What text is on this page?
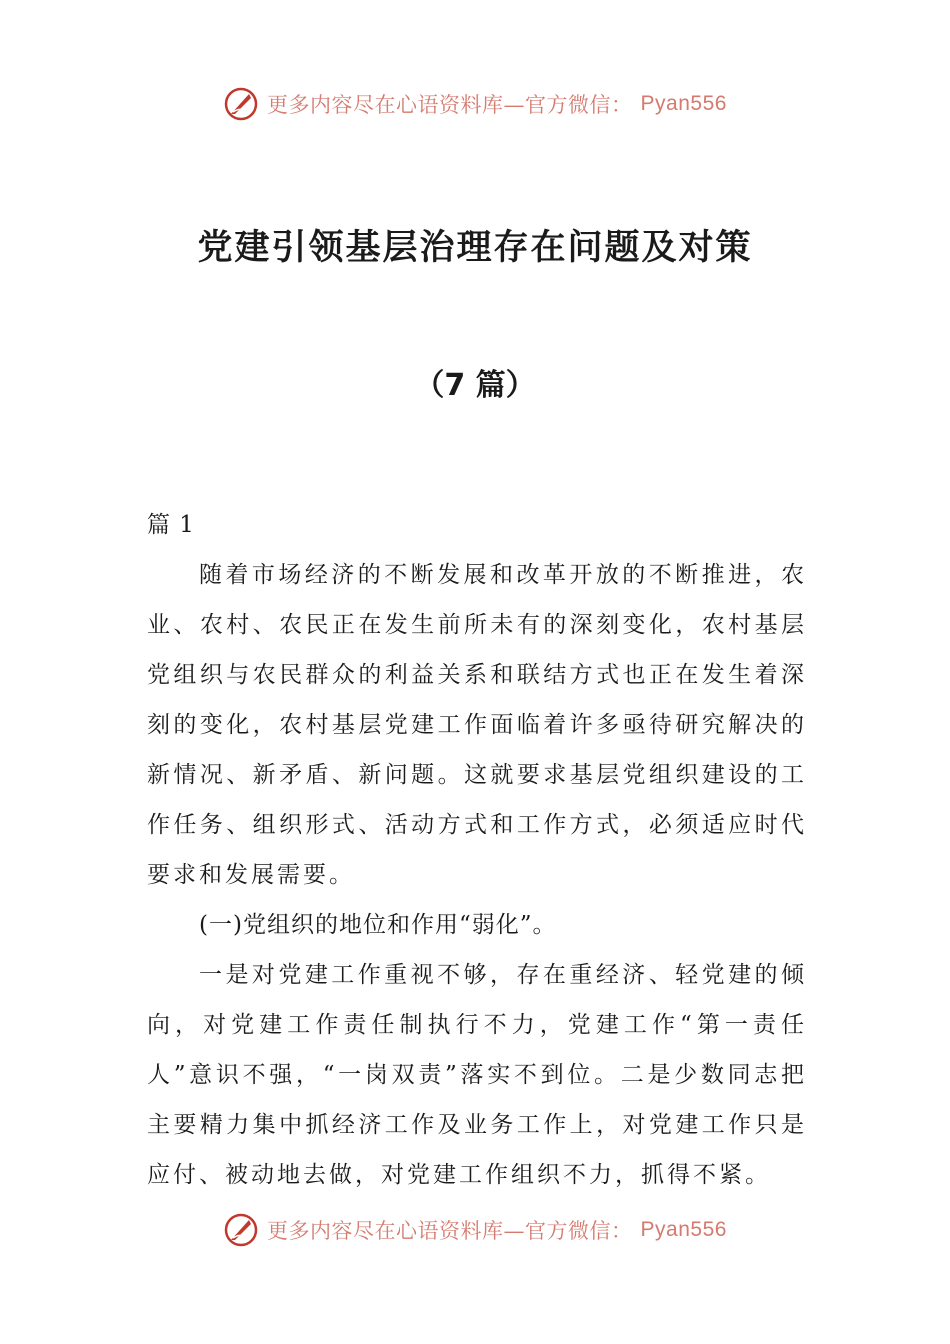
更多内容尽在心语资料库—官方微信： Pyan556
党建引领基层治理存在问题及对策
（7 篇）

篇 1

随着市场经济的不断发展和改革开放的不断推进，农业、农村、农民正在发生前所未有的深刻变化，农村基层党组织与农民群众的利益关系和联结方式也正在发生着深刻的变化，农村基层党建工作面临着许多亟待研究解决的新情况、新矛盾、新问题。这就要求基层党组织建设的工作任务、组织形式、活动方式和工作方式，必须适应时代要求和发展需要。

(一)党组织的地位和作用“弱化”。

一是对党建工作重视不够，存在重经济、轻党建的倾向，对党建工作责任制执行不力，党建工作“第一责任人”意识不强，“一岗双责”落实不到位。二是少数同志把主要精力集中抓经济工作及业务工作上，对党建工作只是应付、被动地去做，对党建工作组织不力，抓得不紧。

更多内容尽在心语资料库—官方微信： Pyan556
